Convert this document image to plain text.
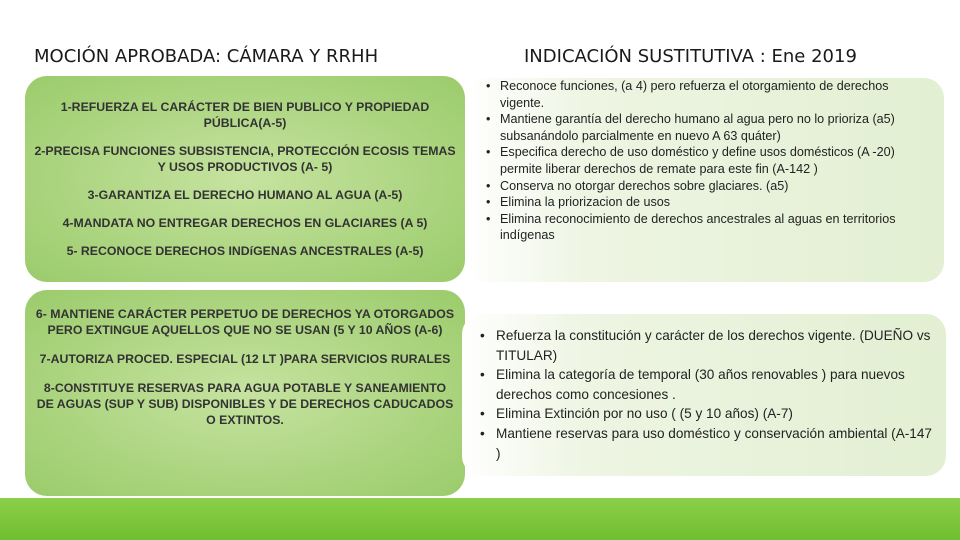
MOCIÓN APROBADA: CÁMARA Y RRHH	INDICACIÓN SUSTITUTIVA : Ene 2019
1-REFUERZA EL CARÁCTER DE BIEN PUBLICO Y PROPIEDAD PÚBLICA(A-5)
2-PRECISA FUNCIONES SUBSISTENCIA, PROTECCIÓN ECOSIS TEMAS Y USOS PRODUCTIVOS (A- 5)
3-GARANTIZA EL DERECHO HUMANO AL AGUA (A-5)
4-MANDATA NO ENTREGAR DERECHOS EN GLACIARES (A 5)
5- RECONOCE DERECHOS INDíGENAS ANCESTRALES (A-5)
6- MANTIENE CARÁCTER PERPETUO DE DERECHOS YA OTORGADOS PERO EXTINGUE AQUELLOS QUE NO SE USAN (5 Y 10 AÑOS (A-6)
7-AUTORIZA PROCED. ESPECIAL (12 LT )PARA SERVICIOS RURALES
8-CONSTITUYE RESERVAS PARA AGUA POTABLE Y SANEAMIENTO DE AGUAS (SUP Y SUB) DISPONIBLES Y DE DERECHOS CADUCADOS O EXTINTOS.
• Reconoce funciones, (a 4) pero refuerza el otorgamiento de derechos vigente.
• Mantiene garantía del derecho humano al agua pero no lo prioriza (a5) subsanándolo parcialmente en nuevo A 63 quáter)
• Especifica derecho de uso doméstico y define usos domésticos (A -20) permite liberar derechos de remate para este fin (A-142 )
• Conserva no otorgar derechos sobre glaciares. (a5)
• Elimina la priorizacion de usos
• Elimina reconocimiento de derechos ancestrales al aguas en territorios indígenas
• Refuerza la constitución y carácter de los derechos vigente. (DUEÑO vs TITULAR)
• Elimina la categoría de temporal (30 años renovables ) para nuevos derechos como concesiones .
• Elimina Extinción por no uso ( (5 y 10 años) (A-7)
• Mantiene reservas para uso doméstico y conservación ambiental (A-147 )
